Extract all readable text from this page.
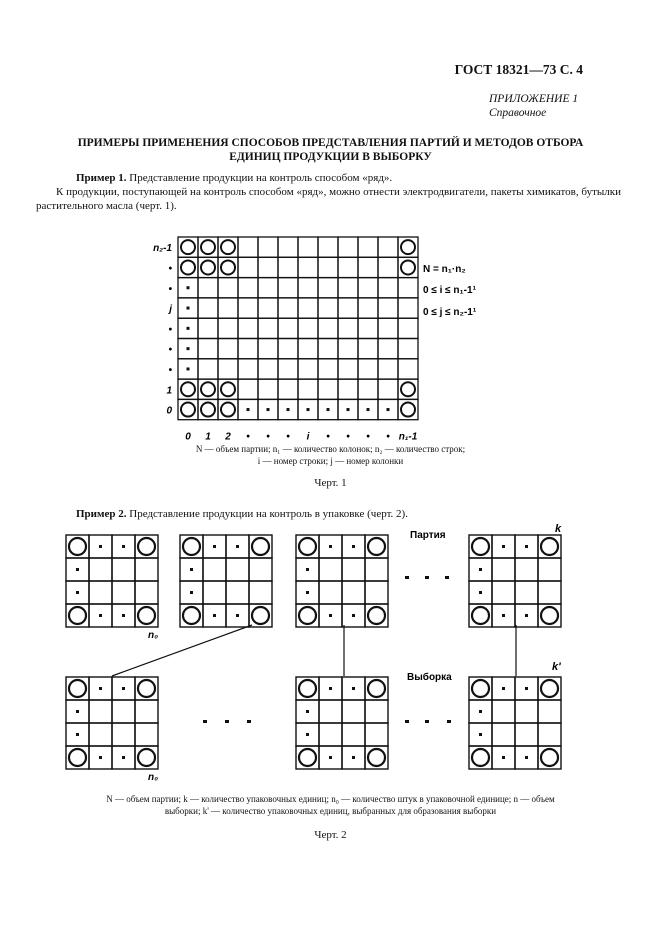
ГОСТ 18321—73 С. 4
ПРИЛОЖЕНИЕ 1
Справочное
ПРИМЕРЫ ПРИМЕНЕНИЯ СПОСОБОВ ПРЕДСТАВЛЕНИЯ ПАРТИЙ И МЕТОДОВ ОТБОРА
ЕДИНИЦ ПРОДУКЦИИ В ВЫБОРКУ
Пример 1. Представление продукции на контроль способом «ряд».
К продукции, поступающей на контроль способом «ряд», можно отнести электродвигатели, пакеты химикатов, бутылки растительного масла (черт. 1).
n₂-1
•
•
j
•
•
•
1
0
0 1 2 • • • i • • • • n₁-1
N = n₁·n₂
0 ≤ i ≤ n₁-1¹
0 ≤ j ≤ n₂-1¹
N — объем партии; n₁ — количество колонок; n₂ — количество строк;
i — номер строки; j — номер колонки
Черт. 1
Пример 2. Представление продукции на контроль в упаковке (черт. 2).
Партия
k
n₀
Выборка
k'
n₀
N — объем партии; k — количество упаковочных единиц; n₀ — количество штук в упаковочной единице; n — объем
выборки; k' — количество упаковочных единиц, выбранных для образования выборки
Черт. 2
